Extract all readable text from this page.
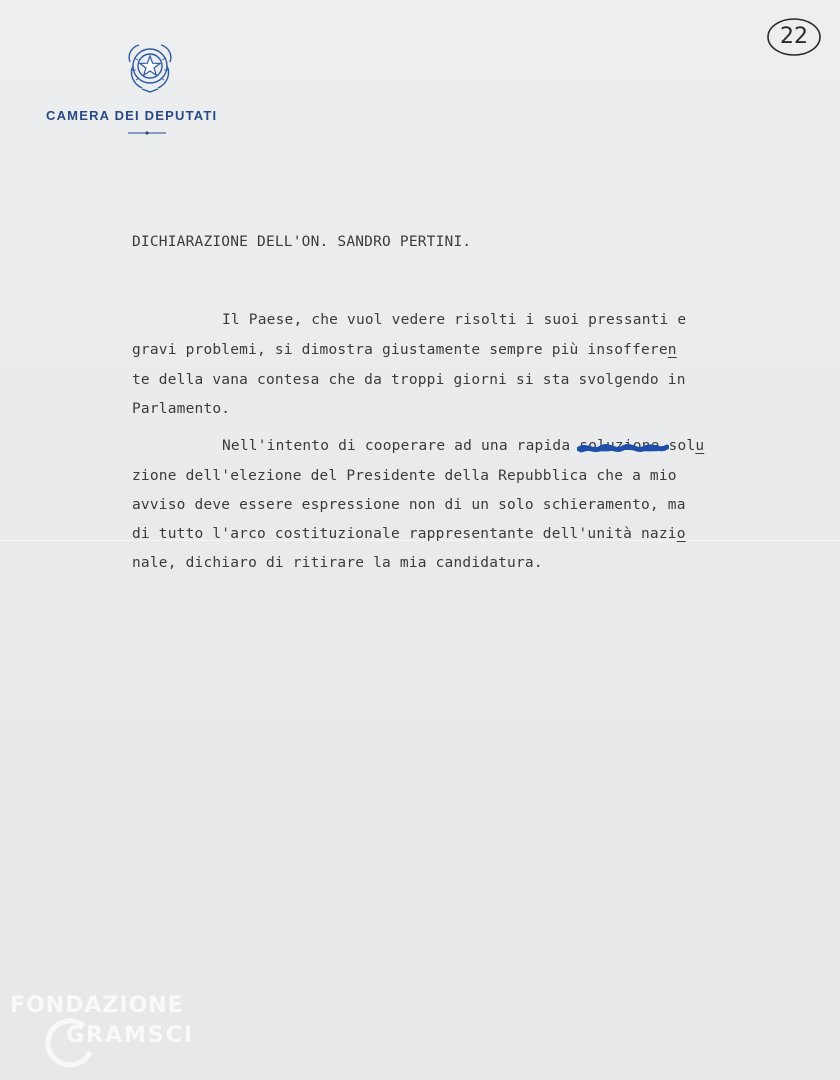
CAMERA DEI DEPUTATI
22
DICHIARAZIONE DELL'ON. SANDRO PERTINI.
Il Paese, che vuol vedere risolti i suoi pressanti e
gravi problemi, si dimostra giustamente sempre più insofferen
te della vana contesa che da troppi giorni si sta svolgendo in
Parlamento.
Nell'intento di cooperare ad una rapida soluzione
solu
zione dell'elezione del Presidente della Repubblica che a mio
avviso deve essere espressione non di un solo schieramento, ma
di tutto l'arco costituzionale rappresentante dell'unità nazio
nale, dichiaro di ritirare la mia candidatura.
FONDAZIONE
GRAMSCI
